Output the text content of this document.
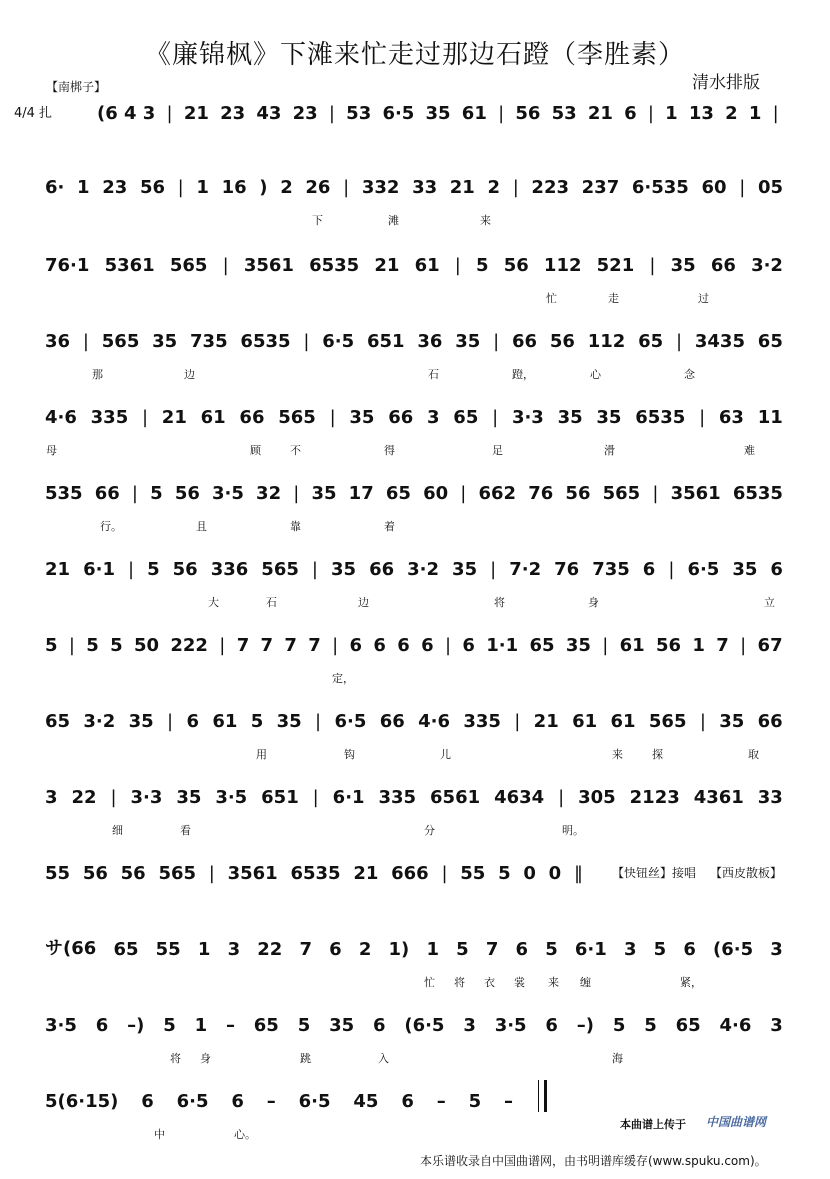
《廉锦枫》下滩来忙走过那边石蹬（李胜素）
【南梆子】	清水排版
4/4 扎 (6 4 3 | 21 23 43 23 | 53 6·5 35 61 | 56 53 21 6 | 1 13 2 1 |
6· 1 23 56 | 1 16 ) 2 26 | 332 33 21 2 | 223 237 6·535 60 | 05
下	滩	来
76·1 5361 565 | 3561 6535 21 61 | 5 56 112 521 | 35 66 3·2
忙	走	过
36 | 565 35 735 6535 | 6·5 651 36 35 | 66 56 112 65 | 3435 65
那	边	石	蹬，	心	念
4·6 335 | 21 61 66 565 | 35 66 3 65 | 3·3 35 35 6535 | 63 11
母	顾	不	得	足	滑	难
535 66 | 5 56 3·5 32 | 35 17 65 60 | 662 76 56 565 | 3561 6535
行。	且	靠	着
21 6·1 | 5 56 336 565 | 35 66 3·2 35 | 7·2 76 735 6 | 6·5 35 6
大	石	边	将	身	立
5 | 5 5 50 222 | 7 7 7 7 | 6 6 6 6 | 6 1·1 65 35 | 61 56 1 7 | 67
定，
65 3·2 35 | 6 61 5 35 | 6·5 66 4·6 335 | 21 61 61 565 | 35 66
用	钩	儿	来	探	取
3 22 | 3·3 35 3·5 651 | 6·1 335 6561 4634 | 305 2123 4361 33
细	看	分	明。
55 56 56 565 | 3561 6535 21 666 | 55 5 0 0 ‖
サ(66 65 55 1 3 22 7 6 2 1) 1 5 7 6 5 6·1 3 5 6 (6·5 3
忙 将 衣 裳 来 缠	紧，
3·5 6 –) 5 1 – 65 5 35 6 (6·5 3 3·5 6 –) 5 5 65 4·6 3
将 身	跳	入	海
5(6·15) 6 6·5 6 – 6·5 45 6 – 5 –
中	心。
【快钮丝】接唱 【西皮散板】
本曲谱上传于 中国曲谱网
本乐谱收录自中国曲谱网，由书明谱库缓存(www.spuku.com)。
